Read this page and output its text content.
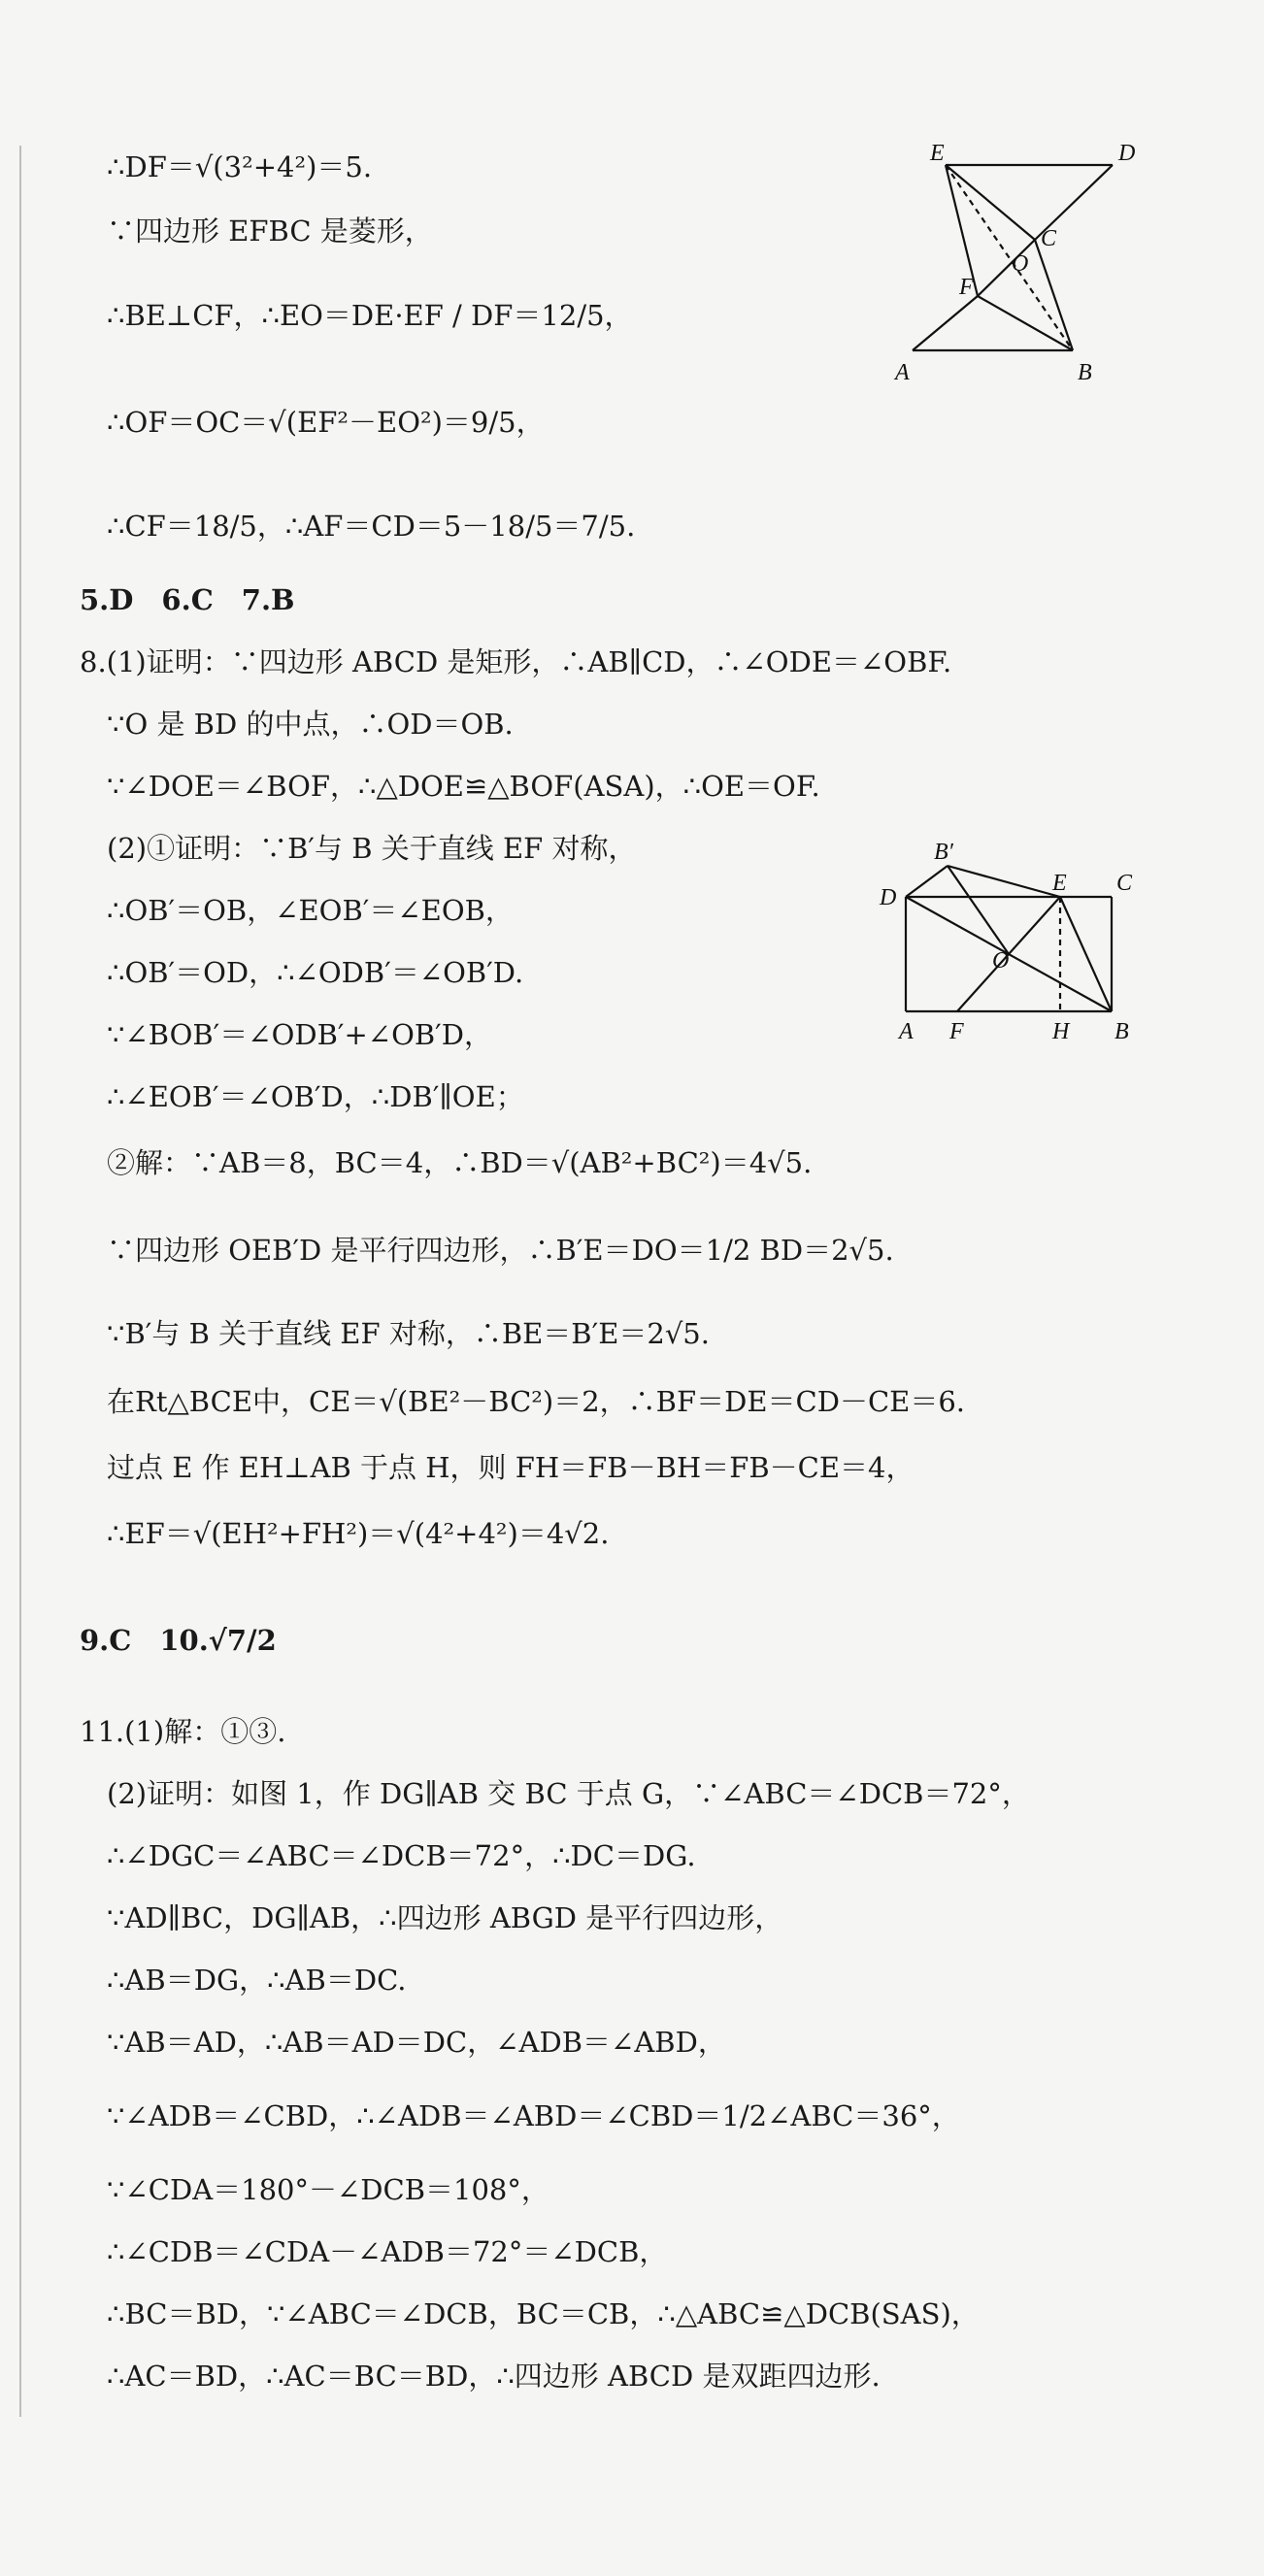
∴DF＝√(3²+4²)＝5.
∵四边形 EFBC 是菱形，
∴BE⊥CF，∴EO＝DE·EF / DF＝12/5，
∴OF＝OC＝√(EF²－EO²)＝9/5，
∴CF＝18/5，∴AF＝CD＝5－18/5＝7/5.
5.D　6.C　7.B
8.(1)证明：∵四边形 ABCD 是矩形，∴AB∥CD，∴∠ODE＝∠OBF.
∵O 是 BD 的中点，∴OD＝OB.
∵∠DOE＝∠BOF，∴△DOE≌△BOF(ASA)，∴OE＝OF.
(2)①证明：∵B′与 B 关于直线 EF 对称，
∴OB′＝OB，∠EOB′＝∠EOB，
∴OB′＝OD，∴∠ODB′＝∠OB′D.
∵∠BOB′＝∠ODB′+∠OB′D，
∴∠EOB′＝∠OB′D，∴DB′∥OE；
②解：∵AB＝8，BC＝4，∴BD＝√(AB²+BC²)＝4√5.
∵四边形 OEB′D 是平行四边形，∴B′E＝DO＝1/2 BD＝2√5.
∵B′与 B 关于直线 EF 对称，∴BE＝B′E＝2√5.
在Rt△BCE中，CE＝√(BE²－BC²)＝2，∴BF＝DE＝CD－CE＝6.
过点 E 作 EH⊥AB 于点 H，则 FH＝FB－BH＝FB－CE＝4，
∴EF＝√(EH²+FH²)＝√(4²+4²)＝4√2.
9.C　10.√7/2
11.(1)解：①③.
(2)证明：如图 1，作 DG∥AB 交 BC 于点 G，∵∠ABC＝∠DCB＝72°，
∴∠DGC＝∠ABC＝∠DCB＝72°，∴DC＝DG.
∵AD∥BC，DG∥AB，∴四边形 ABGD 是平行四边形，
∴AB＝DG，∴AB＝DC.
∵AB＝AD，∴AB＝AD＝DC，∠ADB＝∠ABD，
∵∠ADB＝∠CBD，∴∠ADB＝∠ABD＝∠CBD＝1/2∠ABC＝36°，
∵∠CDA＝180°－∠DCB＝108°，
∴∠CDB＝∠CDA－∠ADB＝72°＝∠DCB，
∴BC＝BD，∵∠ABC＝∠DCB，BC＝CB，∴△ABC≌△DCB(SAS)，
∴AC＝BD，∴AC＝BC＝BD，∴四边形 ABCD 是双距四边形.
E	D
C
O
F
A	B
B′
D
E C
O
A F	H B
